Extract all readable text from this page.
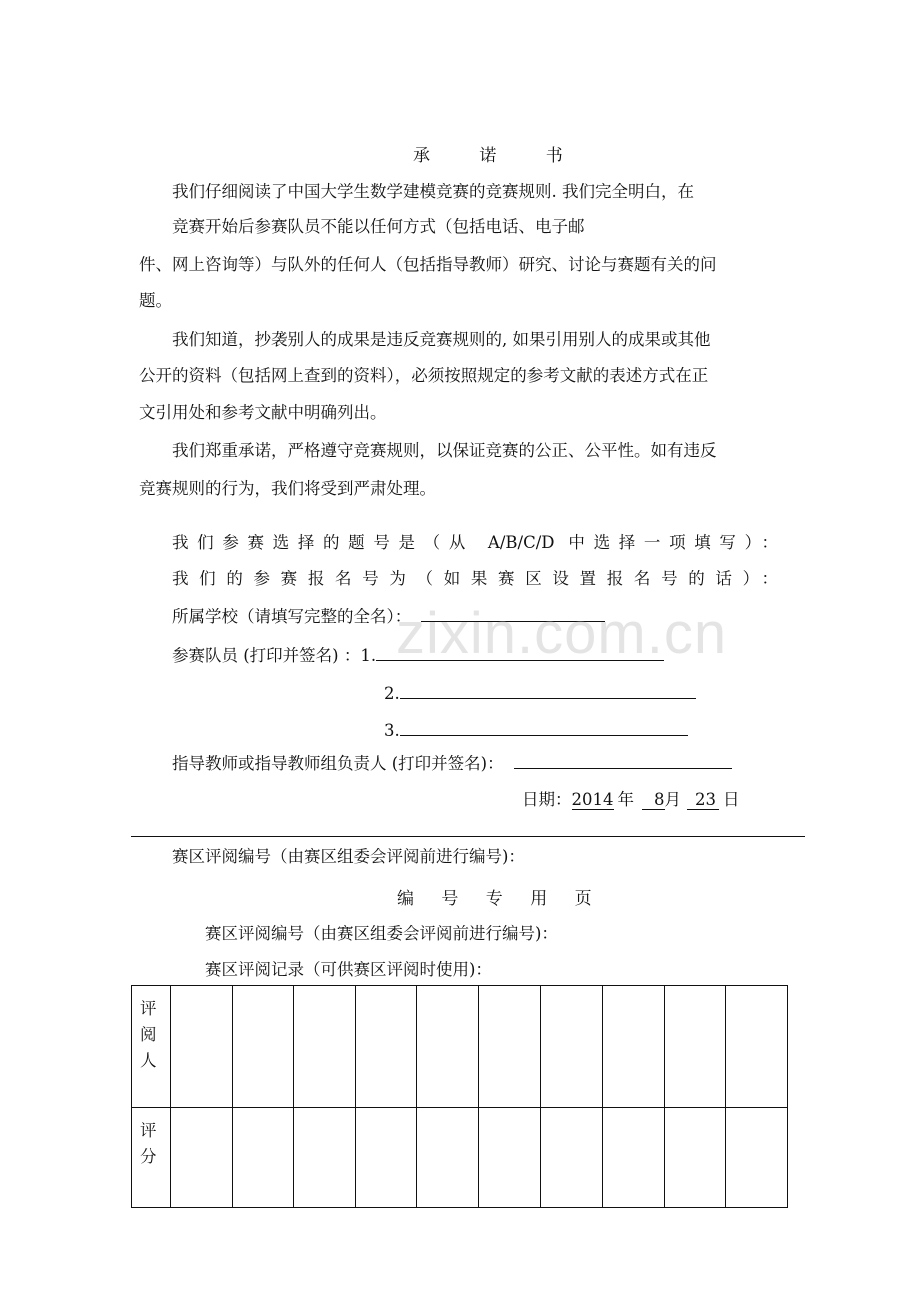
承 诺 书
我们仔细阅读了中国大学生数学建模竞赛的竞赛规则. 我们完全明白，在
竞赛开始后参赛队员不能以任何方式（包括电话、电子邮
件、网上咨询等）与队外的任何人（包括指导教师）研究、讨论与赛题有关的问
题。
我们知道，抄袭别人的成果是违反竞赛规则的, 如果引用别人的成果或其他
公开的资料（包括网上查到的资料），必须按照规定的参考文献的表述方式在正
文引用处和参考文献中明确列出。
我们郑重承诺，严格遵守竞赛规则，以保证竞赛的公正、公平性。如有违反
竞赛规则的行为，我们将受到严肃处理。
我们参赛选择的题号是（从 A/B/C/D 中选择一项填写）：
我们的参赛报名号为（如果赛区设置报名号的话）：
所属学校（请填写完整的全名）：
参赛队员 (打印并签名) ：1.
2.
3.
指导教师或指导教师组负责人 (打印并签名)：
日期：2014 年 8月 23 日
赛区评阅编号（由赛区组委会评阅前进行编号)：
编 号 专 用 页
赛区评阅编号（由赛区组委会评阅前进行编号)：
赛区评阅记录（可供赛区评阅时使用)：
评阅人										

评分										

zixin.com.cn
